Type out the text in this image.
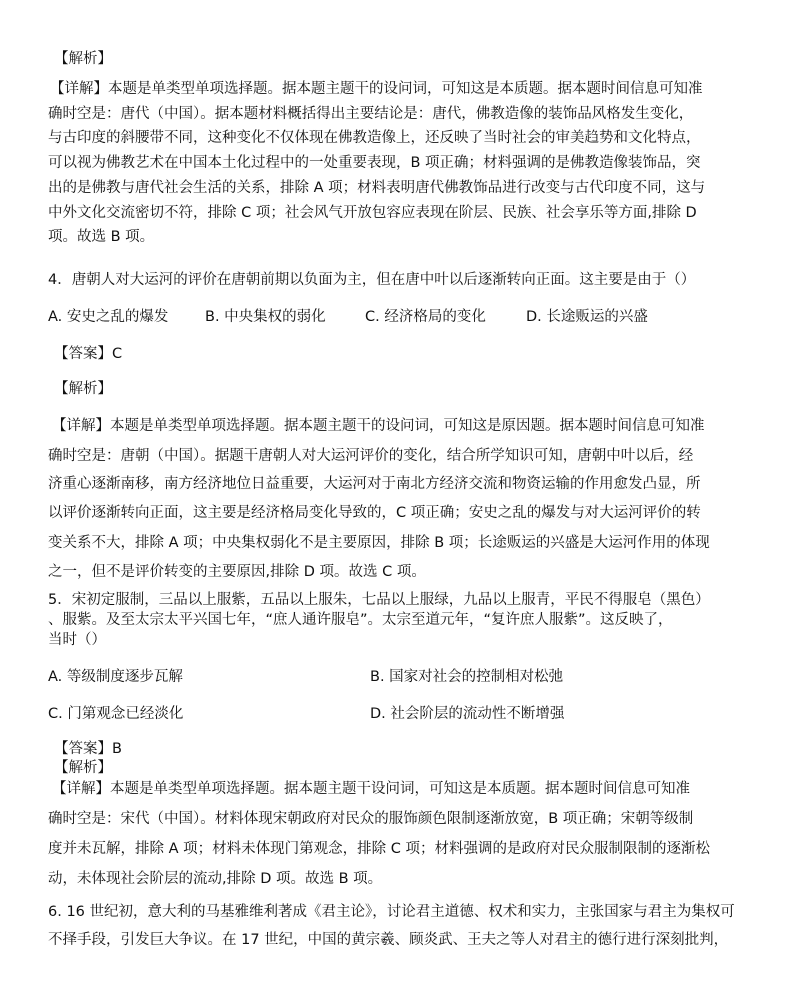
【解析】
【详解】本题是单类型单项选择题。据本题主题干的设问词，可知这是本质题。据本题时间信息可知准
确时空是：唐代（中国）。据本题材料概括得出主要结论是：唐代，佛教造像的装饰品风格发生变化，
与古印度的斜腰带不同，这种变化不仅体现在佛教造像上，还反映了当时社会的审美趋势和文化特点，
可以视为佛教艺术在中国本土化过程中的一处重要表现，B 项正确；材料强调的是佛教造像装饰品，突
出的是佛教与唐代社会生活的关系，排除 A 项；材料表明唐代佛教饰品进行改变与古代印度不同，这与
中外文化交流密切不符，排除 C 项；社会风气开放包容应表现在阶层、民族、社会享乐等方面,排除 D
项。故选 B 项。
4．唐朝人对大运河的评价在唐朝前期以负面为主，但在唐中叶以后逐渐转向正面。这主要是由于（）
A. 安史之乱的爆发	B. 中央集权的弱化	C. 经济格局的变化	D. 长途贩运的兴盛
【答案】C
【解析】
【详解】本题是单类型单项选择题。据本题主题干的设问词，可知这是原因题。据本题时间信息可知准
确时空是：唐朝（中国）。据题干唐朝人对大运河评价的变化，结合所学知识可知，唐朝中叶以后，经
济重心逐渐南移，南方经济地位日益重要，大运河对于南北方经济交流和物资运输的作用愈发凸显，所
以评价逐渐转向正面，这主要是经济格局变化导致的，C 项正确；安史之乱的爆发与对大运河评价的转
变关系不大，排除 A 项；中央集权弱化不是主要原因，排除 B 项；长途贩运的兴盛是大运河作用的体现
之一，但不是评价转变的主要原因,排除 D 项。故选 C 项。
5．宋初定服制，三品以上服紫，五品以上服朱，七品以上服绿，九品以上服青，平民不得服皂（黑色）
、服紫。及至太宗太平兴国七年，“庶人通许服皂”。太宗至道元年，“复许庶人服紫”。这反映了，
当时（）
A. 等级制度逐步瓦解	B. 国家对社会的控制相对松弛
C. 门第观念已经淡化	D. 社会阶层的流动性不断增强
【答案】B
【解析】
【详解】本题是单类型单项选择题。据本题主题干设问词，可知这是本质题。据本题时间信息可知准
确时空是：宋代（中国）。材料体现宋朝政府对民众的服饰颜色限制逐渐放宽，B 项正确；宋朝等级制
度并未瓦解，排除 A 项；材料未体现门第观念，排除 C 项；材料强调的是政府对民众服制限制的逐渐松
动，未体现社会阶层的流动,排除 D 项。故选 B 项。
6. 16 世纪初，意大利的马基雅维利著成《君主论》，讨论君主道德、权术和实力，主张国家与君主为集权可
不择手段，引发巨大争议。在 17 世纪，中国的黄宗羲、顾炎武、王夫之等人对君主的德行进行深刻批判，
